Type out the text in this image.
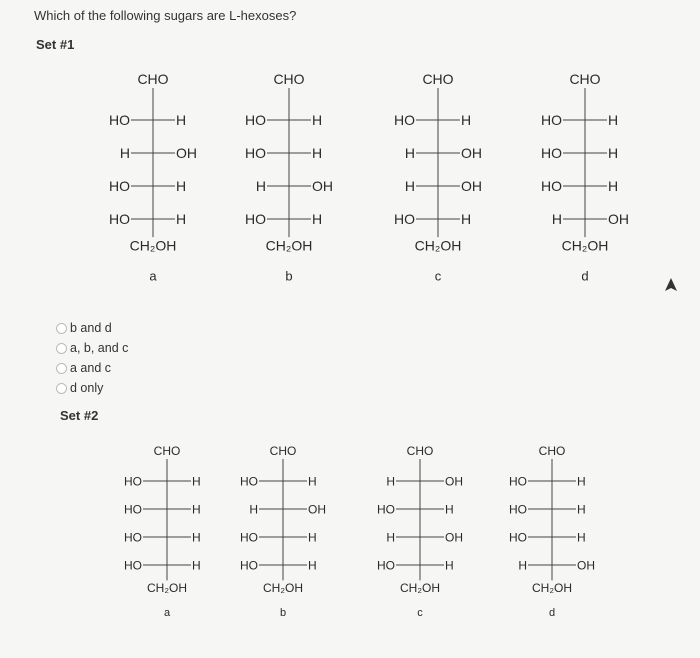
Which of the following sugars are L-hexoses?
Set #1
CHO
HO	H
H	OH
HO	H
HO	H
CH₂OH
a
CHO
HO	H
HO	H
H	OH
HO	H
CH₂OH
b
CHO
HO	H
H	OH
H	OH
HO	H
CH₂OH
c
CHO
HO	H
HO	H
HO	H
H	OH
CH₂OH
d
b and d
a, b, and c
a and c
d only
Set #2
CHO
HO	H
HO	H
HO	H
HO	H
CH₂OH
a
CHO
HO	H
H	OH
HO	H
HO	H
CH₂OH
b
CHO
H	OH
HO	H
H	OH
HO	H
CH₂OH
c
CHO
HO	H
HO	H
HO	H
H	OH
CH₂OH
d
